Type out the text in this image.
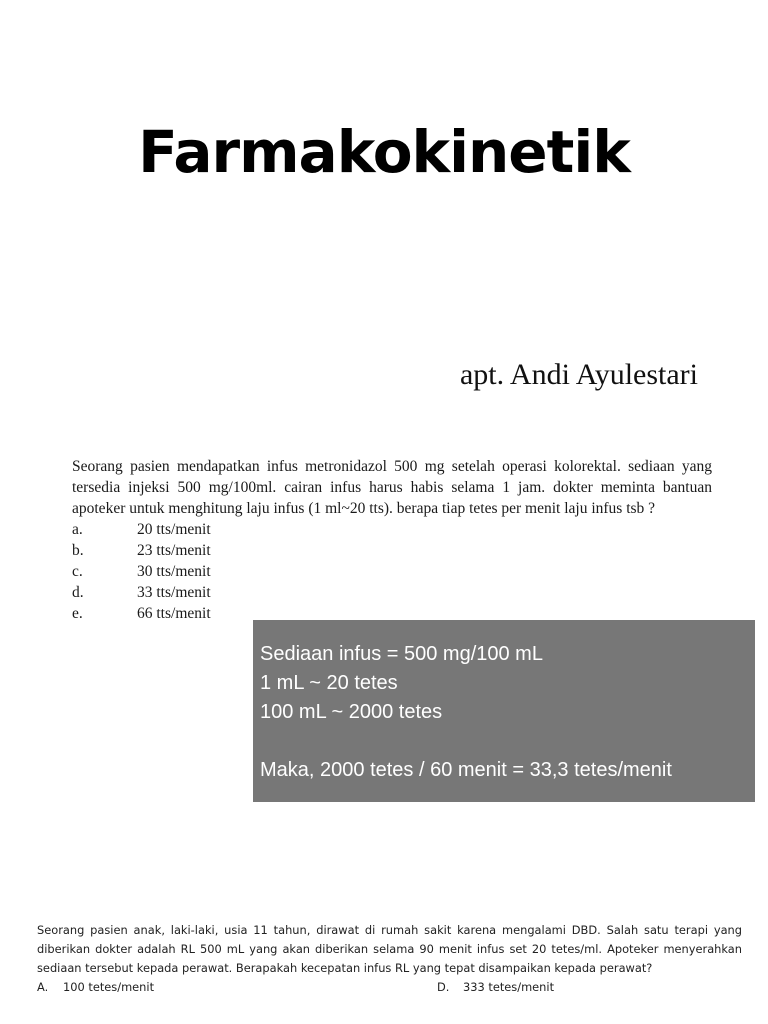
Farmakokinetik
apt. Andi Ayulestari

Seorang pasien mendapatkan infus metronidazol 500 mg setelah operasi kolorektal. sediaan yang tersedia injeksi 500 mg/100ml. cairan infus harus habis selama 1 jam. dokter meminta bantuan apoteker untuk menghitung laju infus (1 ml~20 tts). berapa tiap tetes per menit laju infus tsb ?

a.	20 tts/menit
b.	23 tts/menit
c.	30 tts/menit
d.	33 tts/menit
e.	66 tts/menit
Sediaan infus = 500 mg/100 mL
1 mL ~ 20 tetes
100 mL ~ 2000 tetes
Maka, 2000 tetes / 60 menit = 33,3 tetes/menit

Seorang pasien anak, laki-laki, usia 11 tahun, dirawat di rumah sakit karena mengalami DBD. Salah satu terapi yang diberikan dokter adalah RL 500 mL yang akan diberikan selama 90 menit infus set 20 tetes/ml. Apoteker menyerahkan sediaan tersebut kepada perawat. Berapakah kecepatan infus RL yang tepat disampaikan kepada perawat?

A.	100 tetes/menit	D.	333 tetes/menit
